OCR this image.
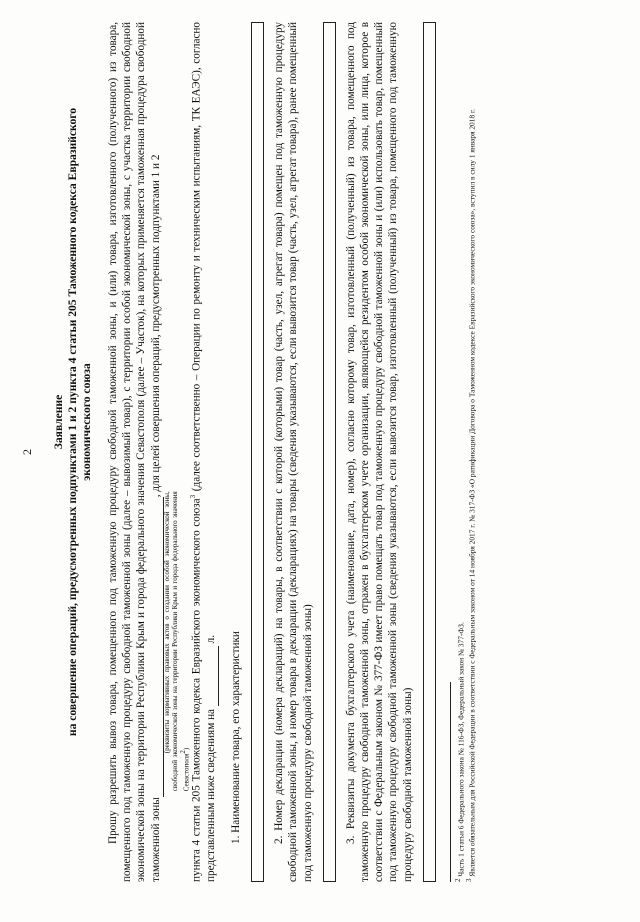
2
Заявление на совершение операций, предусмотренных подпунктами 1 и 2 пункта 4 статьи 205 Таможенного кодекса Евразийского экономического союза Прошу разрешить вывоз товара, помещенного под таможенную процедуру свободной таможенной зоны, и (или) товара, изготовленного (полученного) из товара, помещенного под таможенную процедуру свободной таможенной зоны (далее – вывозимый товар), с территории особой экономической зоны, с участка территории свободной экономической зоны на территории Республики Крым и города федерального значения Севастополя (далее – Участок), на которых применяется таможенная процедура свободной таможенной зоны
(реквизиты нормативных правовых актов о создании особой экономической зоны, свободной экономической зоны на территории Республики Крым и города федерального значения Севастополя$^2$)
, для целей совершения операций, предусмотренных подпунктами 1 и 2

пункта 4 статьи 205 Таможенного кодекса Евразийского экономического союза$^3$ (далее соответственно – Операции по ремонту и техническим испытаниям, ТК ЕАЭС), согласно представленным ниже сведениям на   л. 1. Наименование товара, его характеристики	2. Номер декларации (номера деклараций) на товары, в соответствии с которой (которыми) товар (часть, узел, агрегат товара) помещен под таможенную процедуру свободной таможенной зоны, и номер товара в декларации (декларациях) на товары (сведения указываются, если вывозится товар (часть, узел, агрегат товара), ранее помещенный под таможенную процедуру свободной таможенной зоны)	3. Реквизиты документа бухгалтерского учета (наименование, дата, номер), согласно которому товар, изготовленный (полученный) из товара, помещенного под таможенную процедуру свободной таможенной зоны, отражен в бухгалтерском учете организации, являющейся резидентом особой экономической зоны, или лица, которое в соответствии с Федеральным законом № 377-ФЗ имеет право помещать товар под таможенную процедуру свободной таможенной зоны и (или) использовать товар, помещенный под таможенную процедуру свободной таможенной зоны (сведения указываются, если вывозится товар, изготовленный (полученный) из товара, помещенного под таможенную процедуру свободной таможенной зоны)	$^2$ Часть 1 статьи 6 Федерального закона № 116-ФЗ, Федеральный закон № 377-ФЗ.

$^3$ Является обязательным для Российской Федерации в соответствии с Федеральным законом от 14 ноября 2017 г. № 317-ФЗ «О ратификации Договора о Таможенном кодексе Евразийского экономического союза», вступил в силу 1 января 2018 г.
